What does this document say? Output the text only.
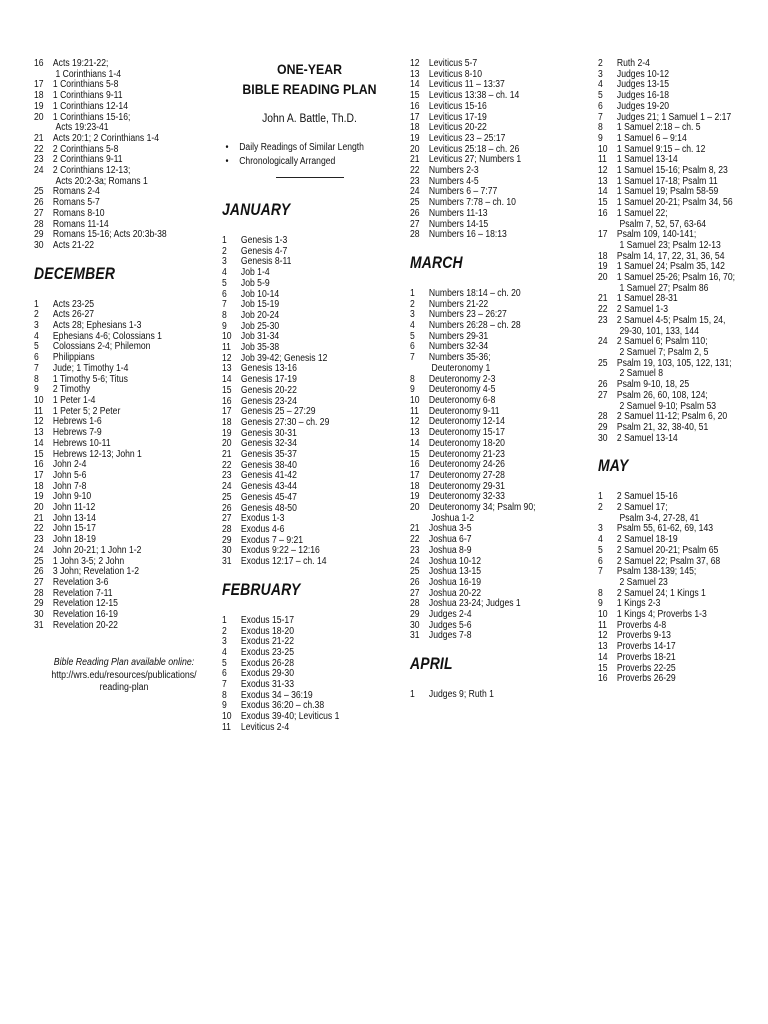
16 Acts 19:21-22;
1 Corinthians 1-4
17 1 Corinthians 5-8
18 1 Corinthians 9-11
19 1 Corinthians 12-14
20 1 Corinthians 15-16;
Acts 19:23-41
21 Acts 20:1; 2 Corinthians 1-4
22 2 Corinthians 5-8
23 2 Corinthians 9-11
24 2 Corinthians 12-13;
Acts 20:2-3a; Romans 1
25 Romans 2-4
26 Romans 5-7
27 Romans 8-10
28 Romans 11-14
29 Romans 15-16; Acts 20:3b-38
30 Acts 21-22
DECEMBER
1	Acts 23-25
2	Acts 26-27
3	Acts 28; Ephesians 1-3
4	Ephesians 4-6; Colossians 1
5	Colossians 2-4; Philemon
6	Philippians
7	Jude; 1 Timothy 1-4
8	1 Timothy 5-6; Titus
9	2 Timothy
10 1 Peter 1-4
11 1 Peter 5; 2 Peter
12 Hebrews 1-6
13 Hebrews 7-9
14 Hebrews 10-11
15 Hebrews 12-13; John 1
16 John 2-4
17 John 5-6
18 John 7-8
19 John 9-10
20 John 11-12
21 John 13-14
22 John 15-17
23 John 18-19
24 John 20-21; 1 John 1-2
25 1 John 3-5; 2 John
26 3 John; Revelation 1-2
27 Revelation 3-6
28 Revelation 7-11
29 Revelation 12-15
30 Revelation 16-19
31 Revelation 20-22
Bible Reading Plan available online:
http://wrs.edu/resources/publications/
reading-plan
ONE-YEAR
BIBLE READING PLAN
John A. Battle, Th.D.
•	Daily Readings of Similar Length
•	Chronologically Arranged
JANUARY
1	Genesis 1-3
2	Genesis 4-7
3	Genesis 8-11
4	Job 1-4
5	Job 5-9
6	Job 10-14
7	Job 15-19
8	Job 20-24
9	Job 25-30
10 Job 31-34
11 Job 35-38
12 Job 39-42; Genesis 12
13 Genesis 13-16
14 Genesis 17-19
15 Genesis 20-22
16 Genesis 23-24
17 Genesis 25 – 27:29
18 Genesis 27:30 – ch. 29
19 Genesis 30-31
20 Genesis 32-34
21 Genesis 35-37
22 Genesis 38-40
23 Genesis 41-42
24 Genesis 43-44
25 Genesis 45-47
26 Genesis 48-50
27 Exodus 1-3
28 Exodus 4-6
29 Exodus 7 – 9:21
30 Exodus 9:22 – 12:16
31 Exodus 12:17 – ch. 14
FEBRUARY
1	Exodus 15-17
2	Exodus 18-20
3	Exodus 21-22
4	Exodus 23-25
5	Exodus 26-28
6	Exodus 29-30
7	Exodus 31-33
8	Exodus 34 – 36:19
9	Exodus 36:20 – ch.38
10 Exodus 39-40; Leviticus 1
11 Leviticus 2-4
12 Leviticus 5-7
13 Leviticus 8-10
14 Leviticus 11 – 13:37
15 Leviticus 13:38 – ch. 14
16 Leviticus 15-16
17 Leviticus 17-19
18 Leviticus 20-22
19 Leviticus 23 – 25:17
20 Leviticus 25:18 – ch. 26
21 Leviticus 27; Numbers 1
22 Numbers 2-3
23 Numbers 4-5
24 Numbers 6 – 7:77
25 Numbers 7:78 – ch. 10
26 Numbers 11-13
27 Numbers 14-15
28 Numbers 16 – 18:13
MARCH
1	Numbers 18:14 – ch. 20
2	Numbers 21-22
3	Numbers 23 – 26:27
4	Numbers 26:28 – ch. 28
5	Numbers 29-31
6	Numbers 32-34
7	Numbers 35-36;
Deuteronomy 1
8	Deuteronomy 2-3
9	Deuteronomy 4-5
10 Deuteronomy 6-8
11 Deuteronomy 9-11
12 Deuteronomy 12-14
13 Deuteronomy 15-17
14 Deuteronomy 18-20
15 Deuteronomy 21-23
16 Deuteronomy 24-26
17 Deuteronomy 27-28
18 Deuteronomy 29-31
19 Deuteronomy 32-33
20 Deuteronomy 34; Psalm 90;
Joshua 1-2
21 Joshua 3-5
22 Joshua 6-7
23 Joshua 8-9
24 Joshua 10-12
25 Joshua 13-15
26 Joshua 16-19
27 Joshua 20-22
28 Joshua 23-24; Judges 1
29 Judges 2-4
30 Judges 5-6
31 Judges 7-8
APRIL
1	Judges 9; Ruth 1
2	Ruth 2-4
3	Judges 10-12
4	Judges 13-15
5	Judges 16-18
6	Judges 19-20
7	Judges 21; 1 Samuel 1 – 2:17
8	1 Samuel 2:18 – ch. 5
9	1 Samuel 6 – 9:14
10 1 Samuel 9:15 – ch. 12
11 1 Samuel 13-14
12 1 Samuel 15-16; Psalm 8, 23
13 1 Samuel 17-18; Psalm 11
14 1 Samuel 19; Psalm 58-59
15 1 Samuel 20-21; Psalm 34, 56
16 1 Samuel 22;
Psalm 7, 52, 57, 63-64
17 Psalm 109, 140-141;
1 Samuel 23; Psalm 12-13
18 Psalm 14, 17, 22, 31, 36, 54
19 1 Samuel 24; Psalm 35, 142
20 1 Samuel 25-26; Psalm 16, 70;
1 Samuel 27; Psalm 86
21 1 Samuel 28-31
22 2 Samuel 1-3
23 2 Samuel 4-5; Psalm 15, 24,
29-30, 101, 133, 144
24 2 Samuel 6; Psalm 110;
2 Samuel 7; Psalm 2, 5
25 Psalm 19, 103, 105, 122, 131;
2 Samuel 8
26 Psalm 9-10, 18, 25
27 Psalm 26, 60, 108, 124;
2 Samuel 9-10; Psalm 53
28 2 Samuel 11-12; Psalm 6, 20
29 Psalm 21, 32, 38-40, 51
30 2 Samuel 13-14
MAY
1	2 Samuel 15-16
2	2 Samuel 17;
Psalm 3-4, 27-28, 41
3	Psalm 55, 61-62, 69, 143
4	2 Samuel 18-19
5	2 Samuel 20-21; Psalm 65
6	2 Samuel 22; Psalm 37, 68
7	Psalm 138-139; 145;
2 Samuel 23
8	2 Samuel 24; 1 Kings 1
9	1 Kings 2-3
10 1 Kings 4; Proverbs 1-3
11 Proverbs 4-8
12 Proverbs 9-13
13 Proverbs 14-17
14 Proverbs 18-21
15 Proverbs 22-25
16 Proverbs 26-29
